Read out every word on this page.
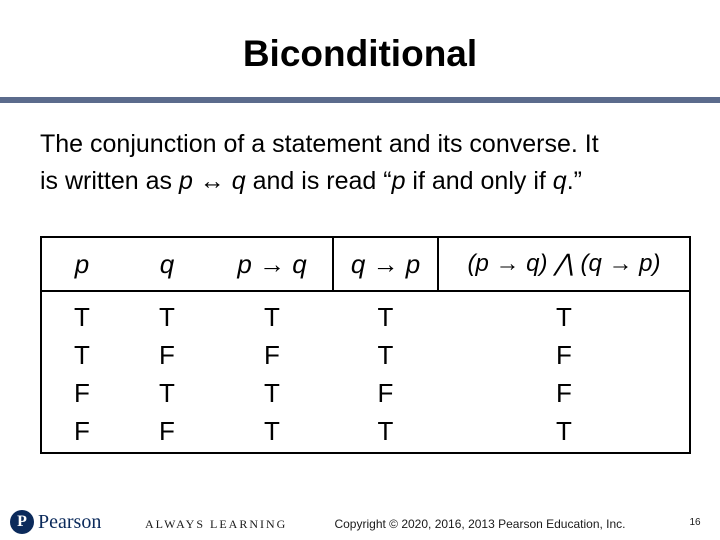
Biconditional
The conjunction of a statement and its converse. It
is written as p ↔ q and is read “p if and only if q.”
p	q	p → q	q → p	(p → q) ⋀ (q → p)
T	T	T	T	T
T	F	F	T	F
F	T	T	F	F
F	F	T	T	T
P Pearson	ALWAYS LEARNING	Copyright © 2020, 2016, 2013 Pearson Education, Inc.	16
